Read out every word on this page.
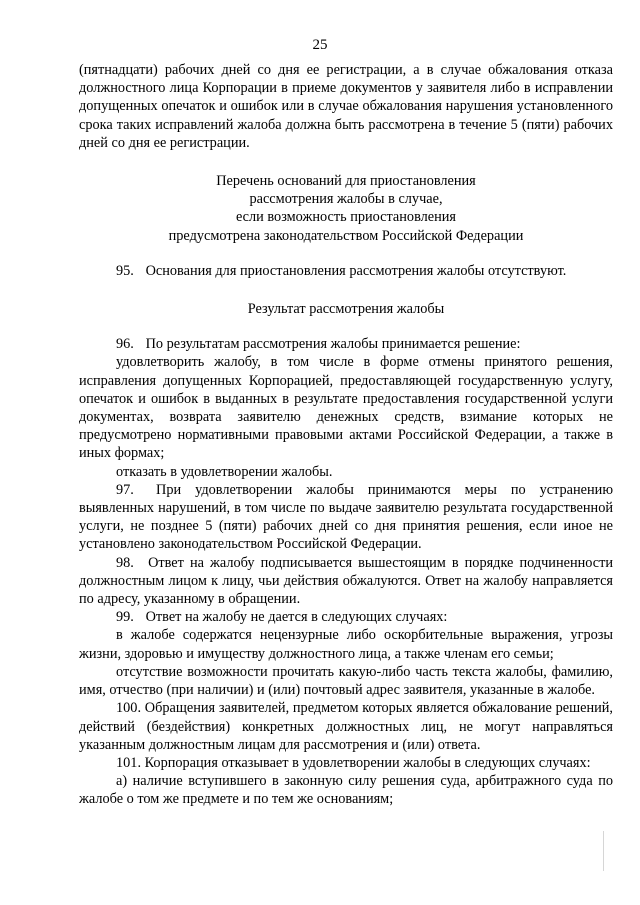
25

(пятнадцати) рабочих дней со дня ее регистрации, а в случае обжалования отказа должностного лица Корпорации в приеме документов у заявителя либо в исправлении допущенных опечаток и ошибок или в случае обжалования нарушения установленного срока таких исправлений жалоба должна быть рассмотрена в течение 5 (пяти) рабочих дней со дня ее регистрации.

Перечень оснований для приостановления

рассмотрения жалобы в случае,

если возможность приостановления

предусмотрена законодательством Российской Федерации

95. Основания для приостановления рассмотрения жалобы отсутствуют.

Результат рассмотрения жалобы

96. По результатам рассмотрения жалобы принимается решение:

удовлетворить жалобу, в том числе в форме отмены принятого решения, исправления допущенных Корпорацией, предоставляющей государственную услугу, опечаток и ошибок в выданных в результате предоставления государственной услуги документах, возврата заявителю денежных средств, взимание которых не предусмотрено нормативными правовыми актами Российской Федерации, а также в иных формах;

отказать в удовлетворении жалобы.

97. При удовлетворении жалобы принимаются меры по устранению выявленных нарушений, в том числе по выдаче заявителю результата государственной услуги, не позднее 5 (пяти) рабочих дней со дня принятия решения, если иное не установлено законодательством Российской Федерации.

98. Ответ на жалобу подписывается вышестоящим в порядке подчиненности должностным лицом к лицу, чьи действия обжалуются. Ответ на жалобу направляется по адресу, указанному в обращении.

99. Ответ на жалобу не дается в следующих случаях:

в жалобе содержатся нецензурные либо оскорбительные выражения, угрозы жизни, здоровью и имуществу должностного лица, а также членам его семьи;

отсутствие возможности прочитать какую-либо часть текста жалобы, фамилию, имя, отчество (при наличии) и (или) почтовый адрес заявителя, указанные в жалобе.

100. Обращения заявителей, предметом которых является обжалование решений, действий (бездействия) конкретных должностных лиц, не могут направляться указанным должностным лицам для рассмотрения и (или) ответа.

101. Корпорация отказывает в удовлетворении жалобы в следующих случаях:

а) наличие вступившего в законную силу решения суда, арбитражного суда по жалобе о том же предмете и по тем же основаниям;
